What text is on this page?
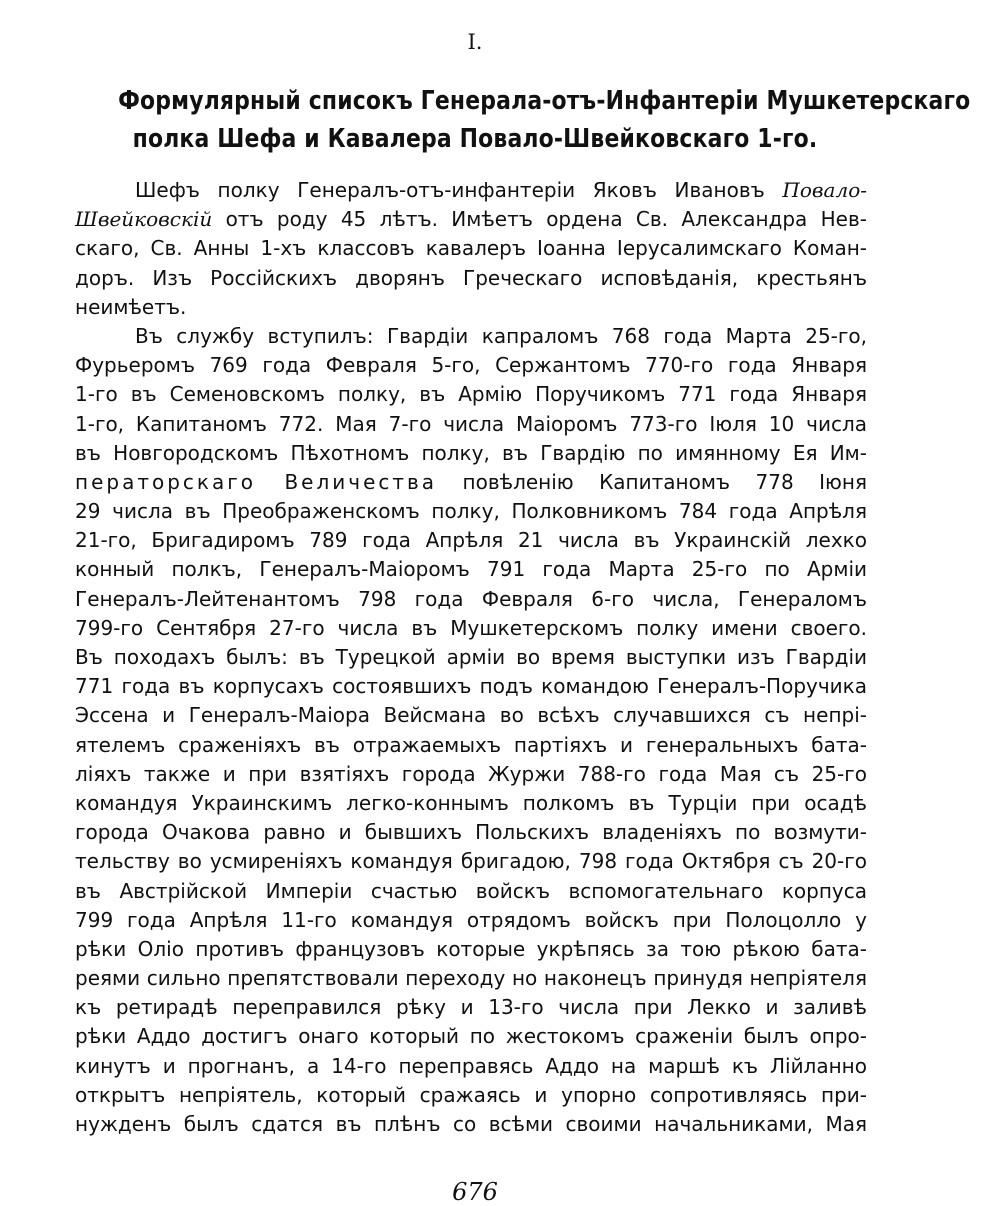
I.
Формулярный списокъ Генерала-отъ-Инфантеріи Мушкетерскаго
полка Шефа и Кавалера Повало-Швейковскаго 1-го.
Шефъ полку Генералъ-отъ-инфантеріи Яковъ Ивановъ Повало-
Швейковскій отъ роду 45 лѣтъ. Имѣетъ ордена Св. Александра Нев-
скаго, Св. Анны 1-хъ классовъ кавалеръ Іоанна Іерусалимскаго Коман-
доръ. Изъ Россійскихъ дворянъ Греческаго исповѣданія, крестьянъ
неимѣетъ.
Въ службу вступилъ: Гвардіи капраломъ 768 года Марта 25-го,
Фурьеромъ 769 года Февраля 5-го, Сержантомъ 770-го года Января
1-го въ Семеновскомъ полку, въ Армію Поручикомъ 771 года Января
1-го, Капитаномъ 772. Мая 7-го числа Маіоромъ 773-го Іюля 10 числа
въ Новгородскомъ Пѣхотномъ полку, въ Гвардію по имянному Ея Им-
ператорскаго Величества повѣленію Капитаномъ 778 Іюня
29 числа въ Преображенскомъ полку, Полковникомъ 784 года Апрѣля
21-го, Бригадиромъ 789 года Апрѣля 21 числа въ Украинскій лехко
конный полкъ, Генералъ-Маіоромъ 791 года Марта 25-го по Арміи
Генералъ-Лейтенантомъ 798 года Февраля 6-го числа, Генераломъ
799-го Сентября 27-го числа въ Мушкетерскомъ полку имени своего.
Въ походахъ былъ: въ Турецкой арміи во время выступки изъ Гвардіи
771 года въ корпусахъ состоявшихъ подъ командою Генералъ-Поручика
Эссена и Генералъ-Маіора Вейсмана во всѣхъ случавшихся съ непрі-
ятелемъ сраженіяхъ въ отражаемыхъ партіяхъ и генеральныхъ бата-
ліяхъ также и при взятіяхъ города Журжи 788-го года Мая съ 25-го
командуя Украинскимъ легко-коннымъ полкомъ въ Турціи при осадѣ
города Очакова равно и бывшихъ Польскихъ владеніяхъ по возмути-
тельству во усмиреніяхъ командуя бригадою, 798 года Октября съ 20-го
въ Австрійской Имперіи счастью войскъ вспомогательнаго корпуса
799 года Апрѣля 11-го командуя отрядомъ войскъ при Полоцолло у
рѣки Оліо противъ французовъ которые укрѣпясь за тою рѣкою бата-
реями сильно препятствовали переходу но наконецъ принудя непріятеля
къ ретирадѣ переправился рѣку и 13-го числа при Лекко и заливѣ
рѣки Аддо достигъ онаго который по жестокомъ сраженіи былъ опро-
кинутъ и прогнанъ, а 14-го переправясь Аддо на маршѣ къ Лійланно
открытъ непріятель, который сражаясь и упорно сопротивляясь при-
нужденъ былъ сдатся въ плѣнъ со всѣми своими начальниками, Мая
676
